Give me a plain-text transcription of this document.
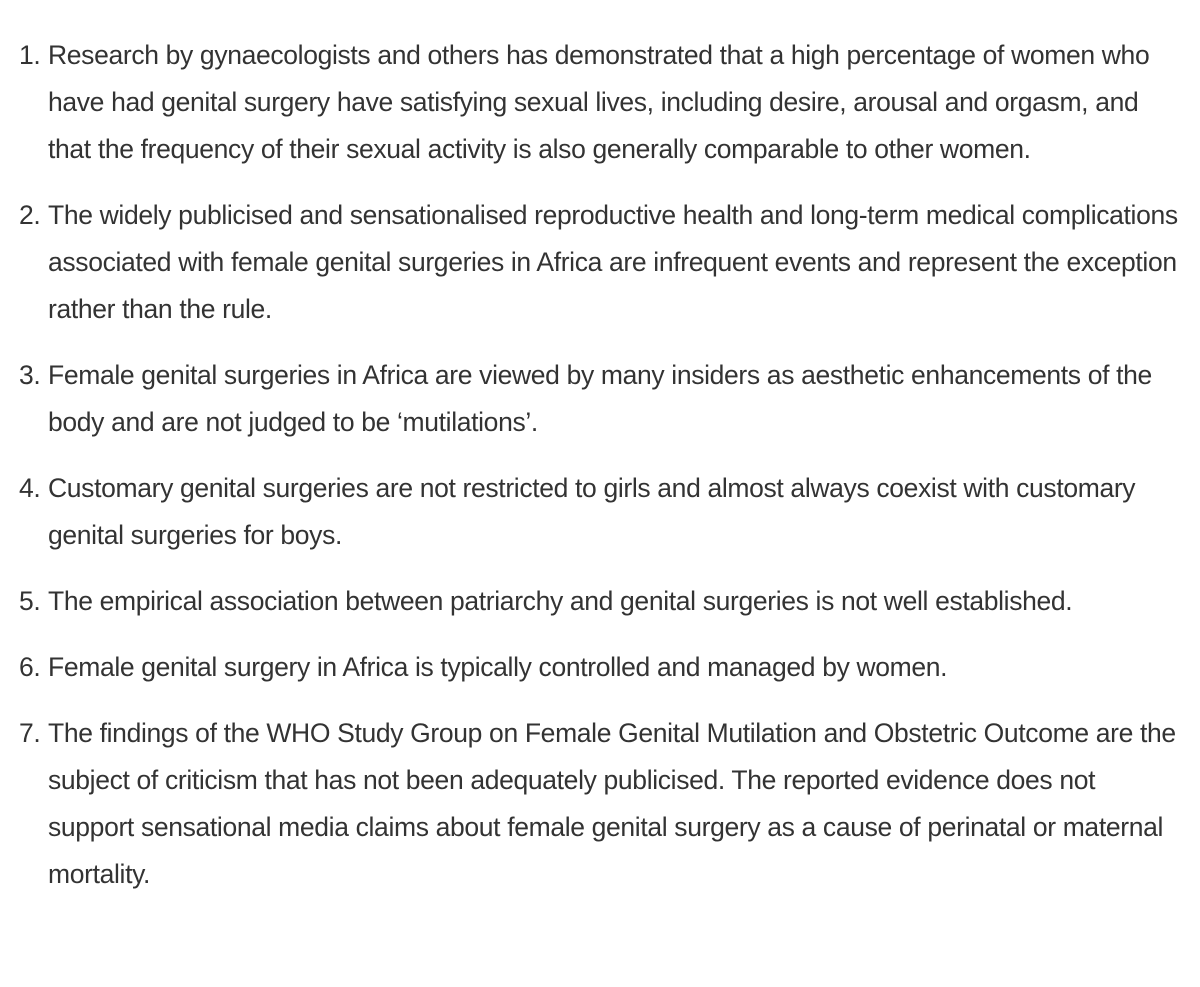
1. Research by gynaecologists and others has demonstrated that a high percentage of women who have had genital surgery have satisfying sexual lives, including desire, arousal and orgasm, and that the frequency of their sexual activity is also generally comparable to other women.
2. The widely publicised and sensationalised reproductive health and long-term medical complications associated with female genital surgeries in Africa are infrequent events and represent the exception rather than the rule.
3. Female genital surgeries in Africa are viewed by many insiders as aesthetic enhancements of the body and are not judged to be ‘mutilations’.
4. Customary genital surgeries are not restricted to girls and almost always coexist with customary genital surgeries for boys.
5. The empirical association between patriarchy and genital surgeries is not well established.
6. Female genital surgery in Africa is typically controlled and managed by women.
7. The findings of the WHO Study Group on Female Genital Mutilation and Obstetric Outcome are the subject of criticism that has not been adequately publicised. The reported evidence does not support sensational media claims about female genital surgery as a cause of perinatal or maternal mortality.
